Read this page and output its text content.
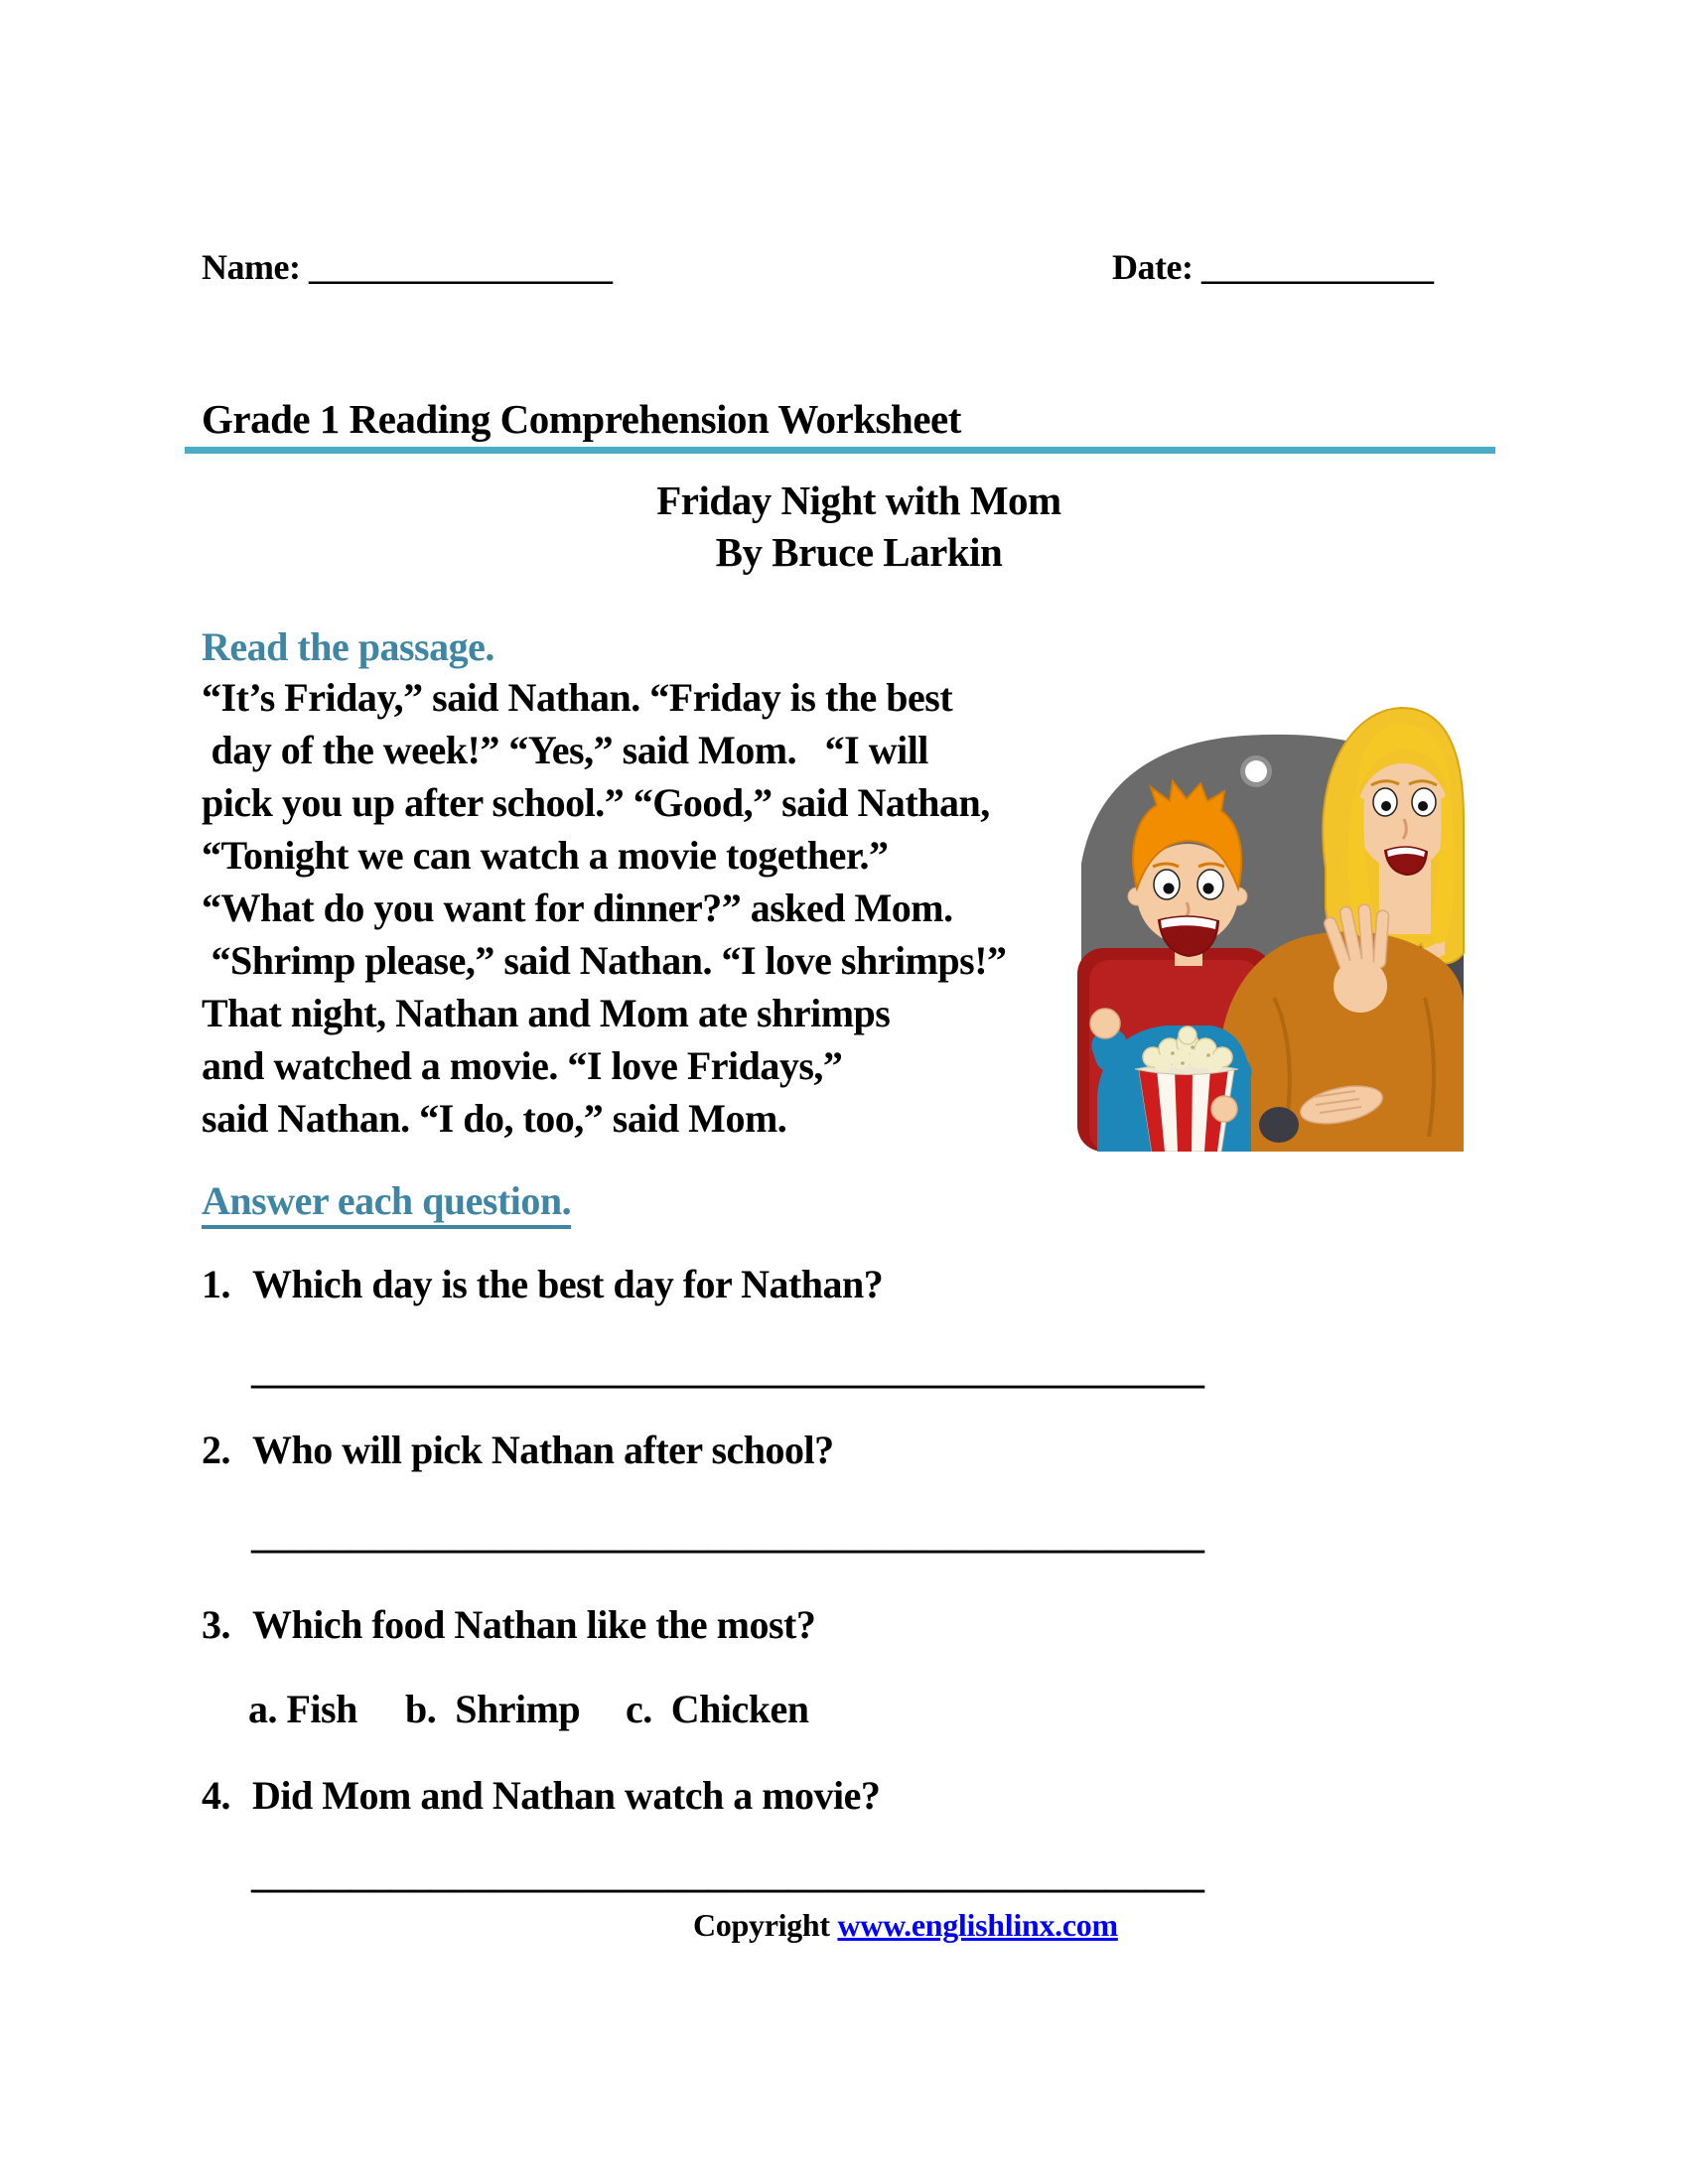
Name: _________________	Date: _____________
Grade 1 Reading Comprehension Worksheet
Friday Night with Mom
By Bruce Larkin
Read the passage.
“It’s Friday,” said Nathan. “Friday is the best
day of the week!” “Yes,” said Mom.   “I will
pick you up after school.” “Good,” said Nathan,
“Tonight we can watch a movie together.”
“What do you want for dinner?” asked Mom.
“Shrimp please,” said Nathan. “I love shrimps!”
That night, Nathan and Mom ate shrimps
and watched a movie. “I love Fridays,”
said Nathan. “I do, too,” said Mom.
Answer each question.
1. Which day is the best day for Nathan?
________________________________________________
2. Who will pick Nathan after school?
________________________________________________
3. Which food Nathan like the most?
a. Fish b.  Shrimp c.  Chicken
4. Did Mom and Nathan watch a movie?
________________________________________________
Copyright www.englishlinx.com
